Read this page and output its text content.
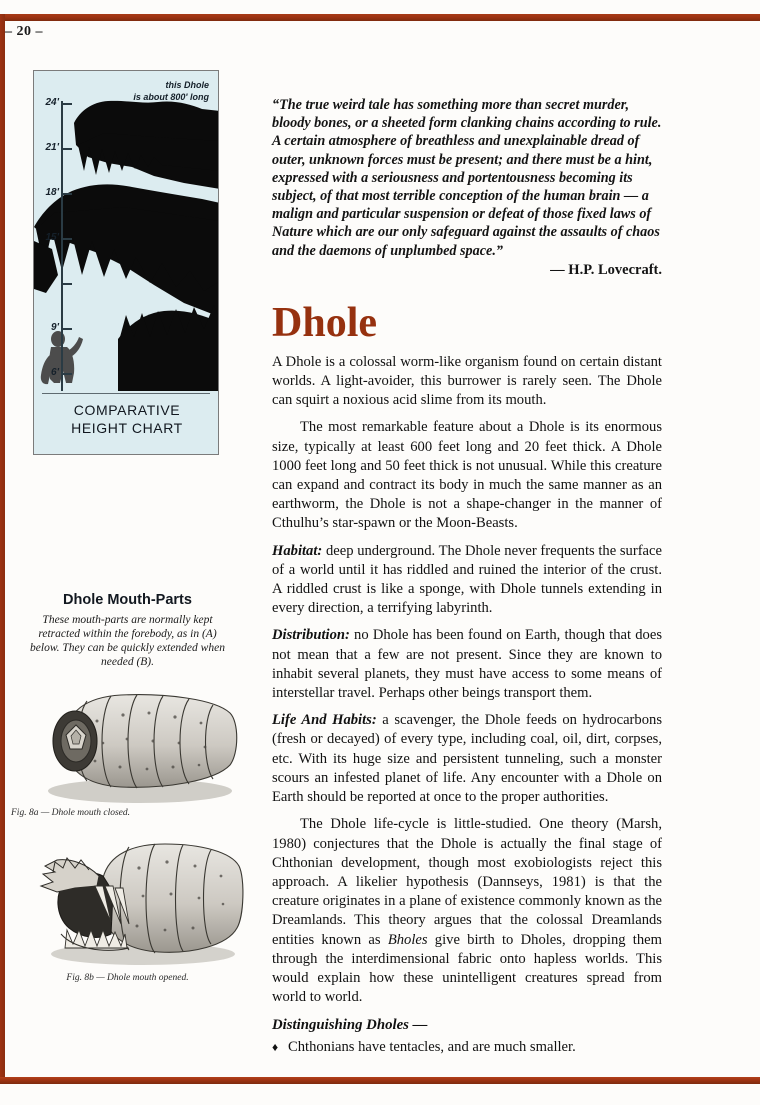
– 20 –
this Dhole
is about 800' long
24'
21'
18'
15'
9'
6'
COMPARATIVE
HEIGHT CHART
Dhole Mouth-Parts
These mouth-parts are normally kept retracted within the forebody, as in (A) below. They can be quickly extended when needed (B).
Fig. 8a — Dhole mouth closed.
Fig. 8b — Dhole mouth opened.

“The true weird tale has something more than secret murder, bloody bones, or a sheeted form clanking chains according to rule. A certain atmosphere of breathless and unexplainable dread of outer, unknown forces must be present; and there must be a hint, expressed with a seriousness and portentousness becoming its subject, of that most terrible conception of the human brain — a malign and particular suspension or defeat of those fixed laws of Nature which are our only safeguard against the assaults of chaos and the daemons of unplumbed space.”

— H.P. Lovecraft.
Dhole

A Dhole is a colossal worm-like organism found on certain distant worlds. A light-avoider, this burrower is rarely seen. The Dhole can squirt a noxious acid slime from its mouth.

The most remarkable feature about a Dhole is its enormous size, typically at least 600 feet long and 20 feet thick. A Dhole 1000 feet long and 50 feet thick is not unusual. While this creature can expand and contract its body in much the same manner as an earthworm, the Dhole is not a shape-changer in the manner of Cthulhu’s star-spawn or the Moon-Beasts.

Habitat: deep underground. The Dhole never frequents the surface of a world until it has riddled and ruined the interior of the crust. A riddled crust is like a sponge, with Dhole tunnels extending in every direction, a terrifying labyrinth.

Distribution: no Dhole has been found on Earth, though that does not mean that a few are not present. Since they are known to inhabit several planets, they must have access to some means of interstellar travel. Perhaps other beings transport them.

Life And Habits: a scavenger, the Dhole feeds on hydrocarbons (fresh or decayed) of every type, including coal, oil, dirt, corpses, etc. With its huge size and persistent tunneling, such a monster scours an infested planet of life. Any encounter with a Dhole on Earth should be reported at once to the proper authorities.

The Dhole life-cycle is little-studied. One theory (Marsh, 1980) conjectures that the Dhole is actually the final stage of Chthonian development, though most exobiologists reject this approach. A likelier hypothesis (Dannseys, 1981) is that the creature originates in a plane of existence commonly known as the Dreamlands. This theory argues that the colossal Dreamlands entities known as Bholes give birth to Dholes, dropping them through the interdimensional fabric onto hapless worlds. This would explain how these unintelligent creatures spread from world to world.

Distinguishing Dholes —
♦ Chthonians have tentacles, and are much smaller.
